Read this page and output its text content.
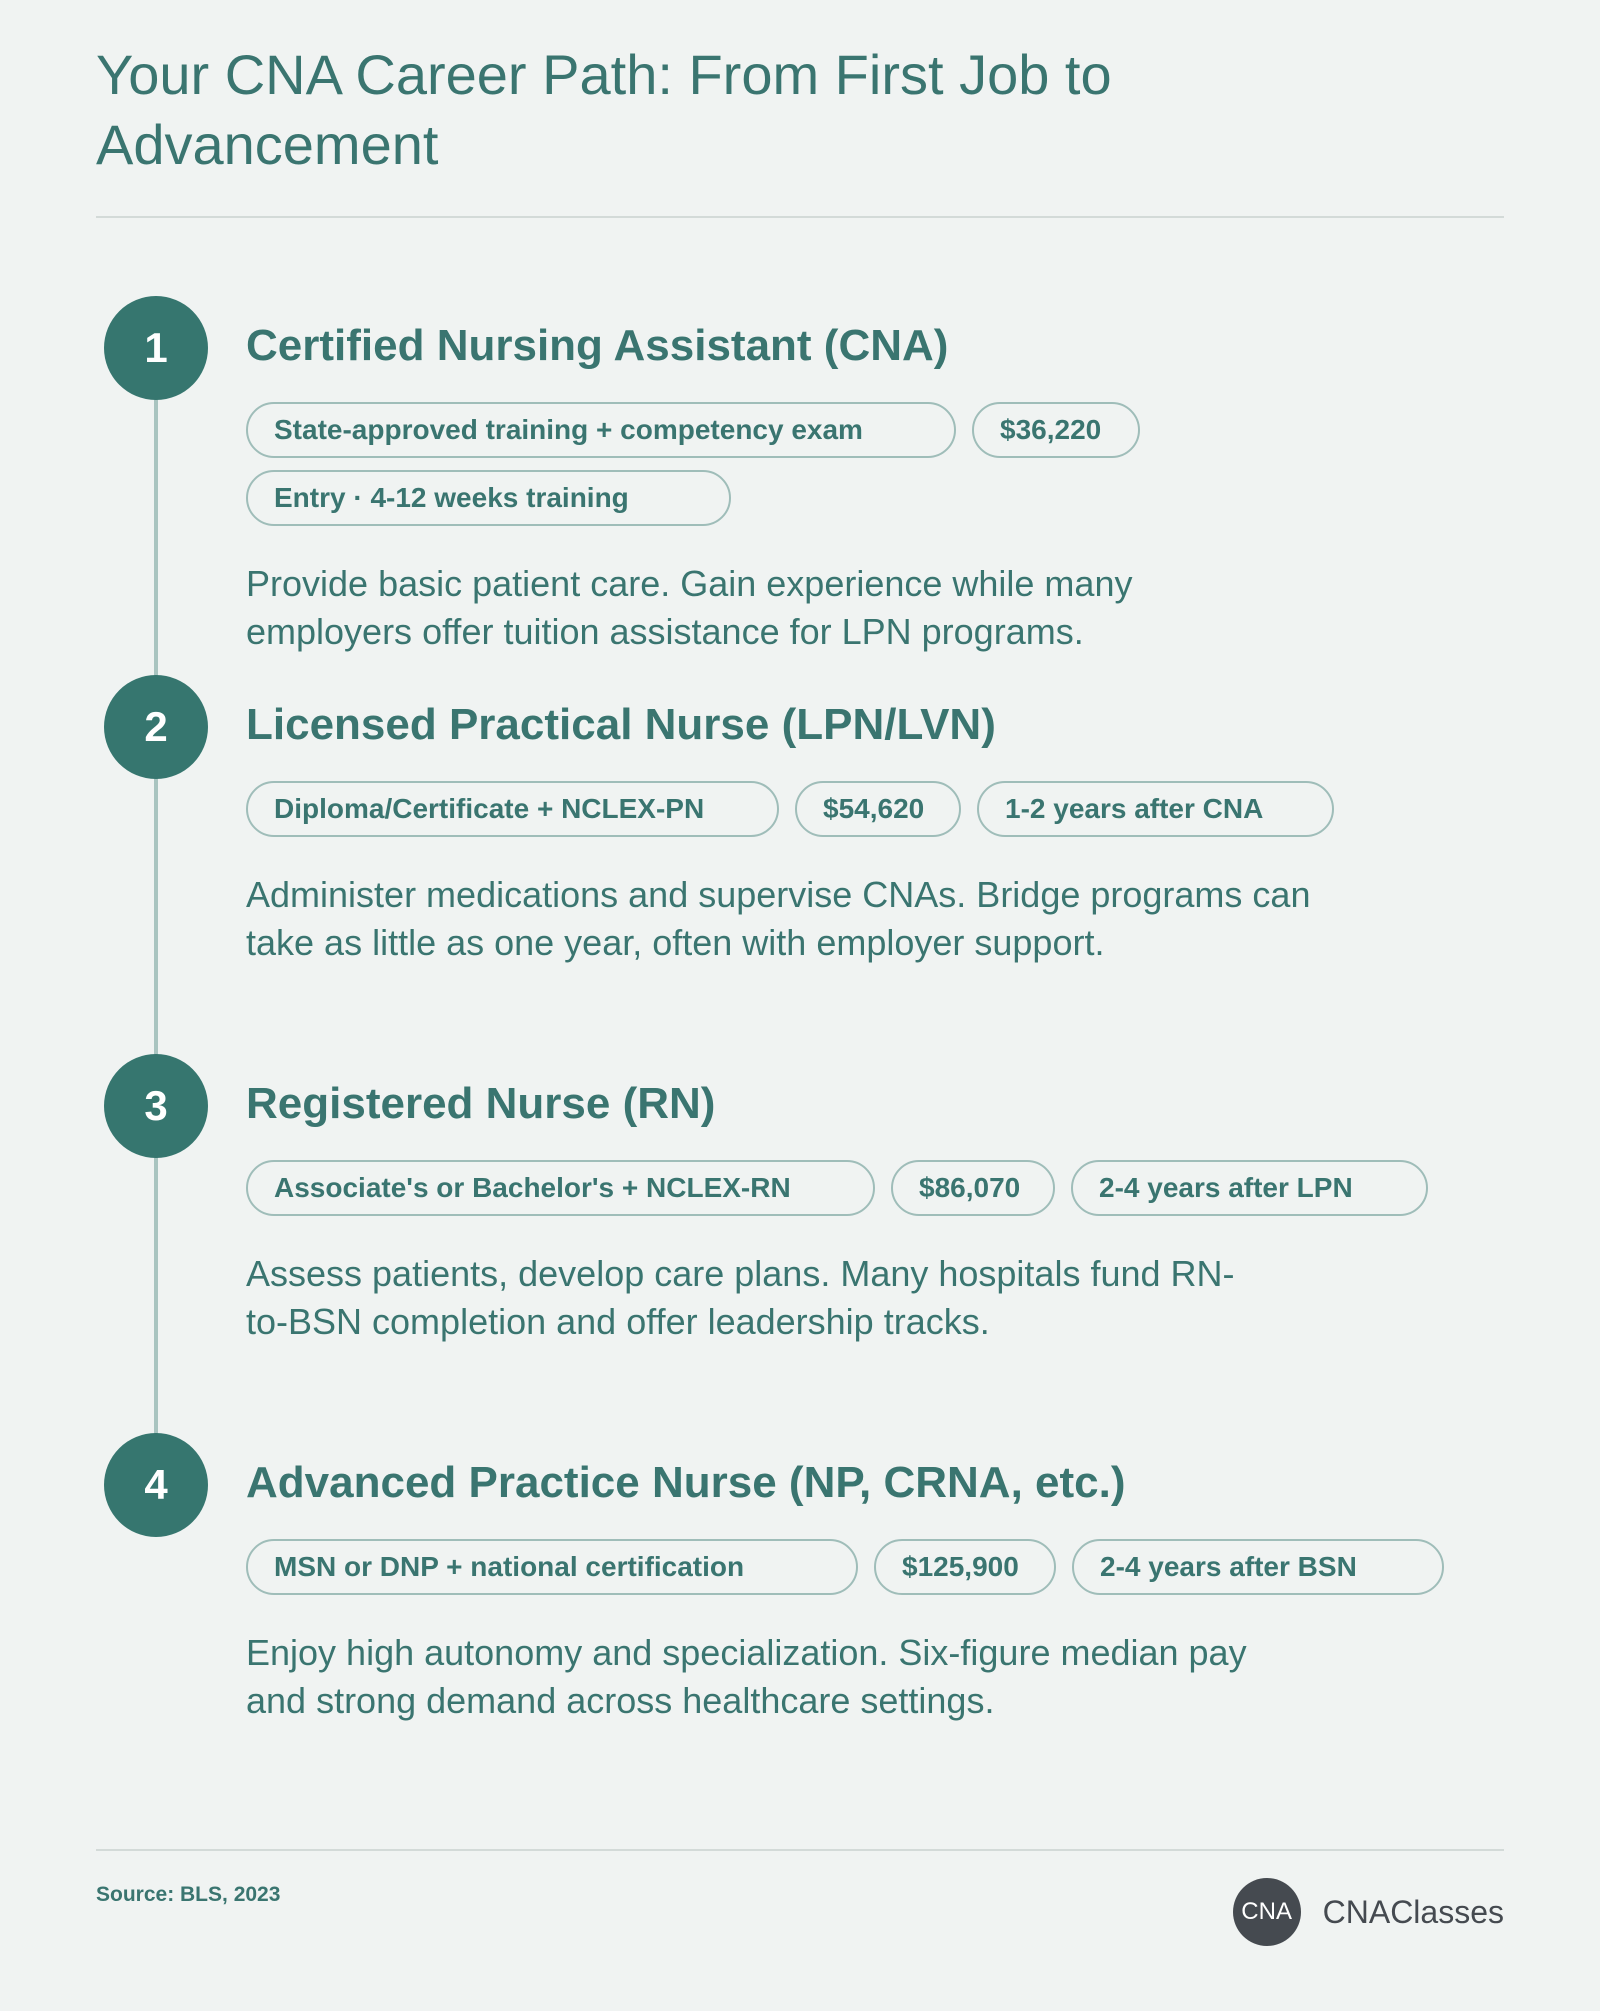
Your CNA Career Path: From First Job to Advancement
1	Certified Nursing Assistant (CNA)
State-approved training + competency exam	$36,220
Entry · 4-12 weeks training

Provide basic patient care. Gain experience while many employers offer tuition assistance for LPN programs.

2	Licensed Practical Nurse (LPN/LVN)
Diploma/Certificate + NCLEX-PN	$54,620	1-2 years after CNA

Administer medications and supervise CNAs. Bridge programs can take as little as one year, often with employer support.

3	Registered Nurse (RN)
Associate's or Bachelor's + NCLEX-RN	$86,070	2-4 years after LPN

Assess patients, develop care plans. Many hospitals fund RN-to-BSN completion and offer leadership tracks.

4	Advanced Practice Nurse (NP, CRNA, etc.)
MSN or DNP + national certification	$125,900	2-4 years after BSN

Enjoy high autonomy and specialization. Six-figure median pay and strong demand across healthcare settings.

Source: BLS, 2023
CNA CNAClasses
